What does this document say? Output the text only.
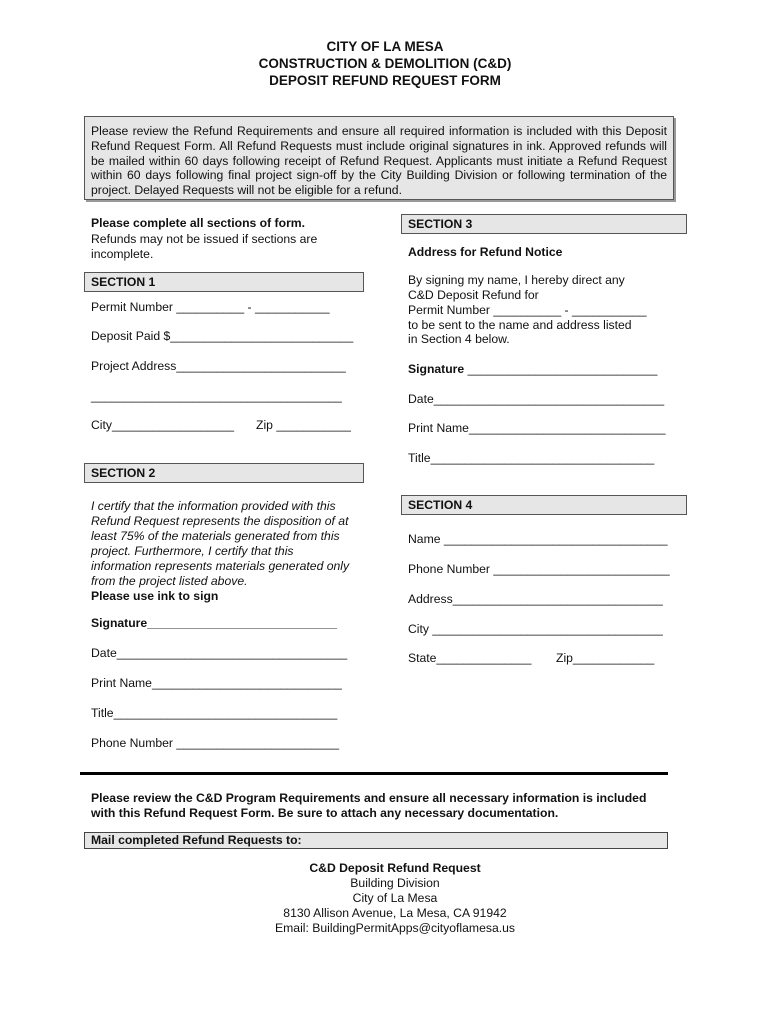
CITY OF LA MESA
CONSTRUCTION & DEMOLITION (C&D)
DEPOSIT REFUND REQUEST FORM
Please review the Refund Requirements and ensure all required information is included with this Deposit Refund Request Form. All Refund Requests must include original signatures in ink. Approved refunds will be mailed within 60 days following receipt of Refund Request. Applicants must initiate a Refund Request within 60 days following final project sign-off by the City Building Division or following termination of the project. Delayed Requests will not be eligible for a refund.
Please complete all sections of form.
Refunds may not be issued if sections are
incomplete.
SECTION 1
Permit Number __________ - ___________
Deposit Paid $___________________________
Project Address_________________________
_____________________________________
City__________________ Zip ___________
SECTION 2
I certify that the information provided with this
Refund Request represents the disposition of at
least 75% of the materials generated from this
project. Furthermore, I certify that this
information represents materials generated only
from the project listed above.
Please use ink to sign
Signature____________________________
Date__________________________________
Print Name____________________________
Title_________________________________
Phone Number ________________________
SECTION 3
Address for Refund Notice
By signing my name, I hereby direct any
C&D Deposit Refund for
Permit Number __________ - ___________
to be sent to the name and address listed
in Section 4 below.
Signature ____________________________
Date__________________________________
Print Name_____________________________
Title_________________________________
SECTION 4
Name _________________________________
Phone Number __________________________
Address_______________________________
City __________________________________
State______________ Zip____________
Please review the C&D Program Requirements and ensure all necessary information is included
with this Refund Request Form. Be sure to attach any necessary documentation.
Mail completed Refund Requests to:
C&D Deposit Refund Request
Building Division
City of La Mesa
8130 Allison Avenue, La Mesa, CA 91942
Email: BuildingPermitApps@cityoflamesa.us
